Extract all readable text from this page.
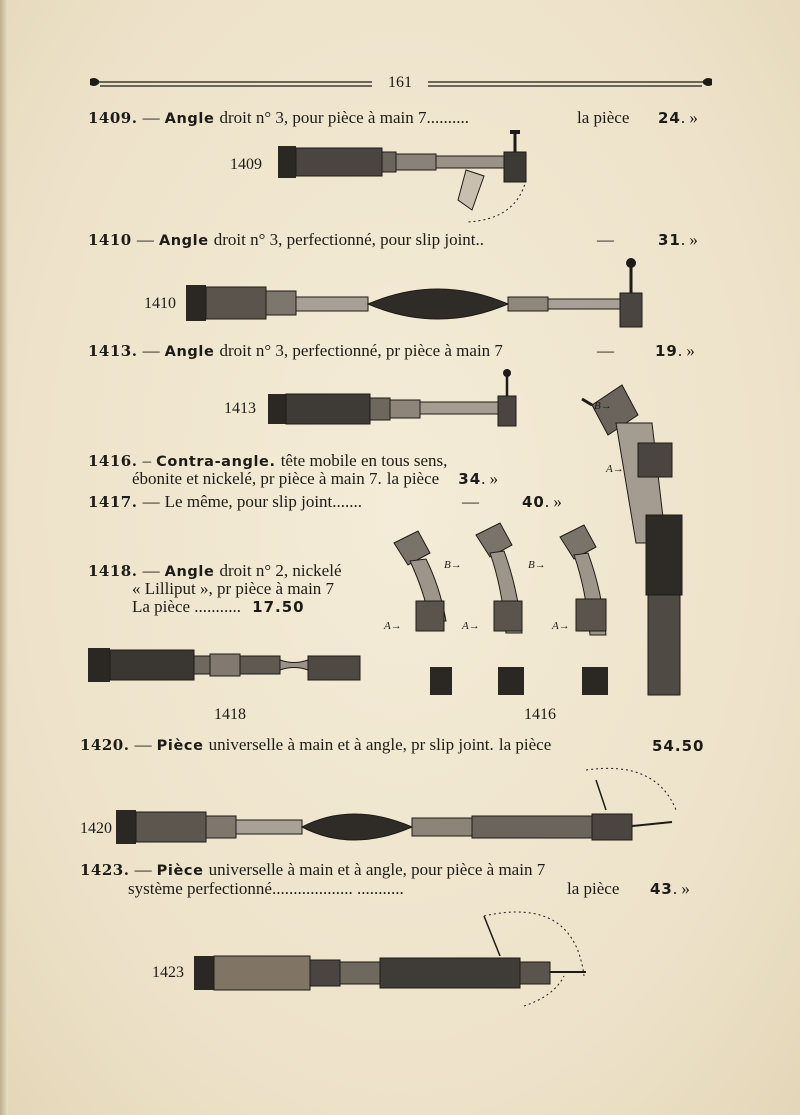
161
1409. — Angle droit n° 3, pour pièce à main 7..........	la pièce 24. »
1409
1410 — Angle droit n° 3, perfectionné, pour slip joint..	—	31. »
1410
1413. — Angle droit n° 3, perfectionné, pr pièce à main 7	—	19. »
1413
1416. – Contra-angle. tête mobile en tous sens,
ébonite et nickelé, pr pièce à main 7. la pièce 34. »
1417. — Le même, pour slip joint.......	—	40. »
1418. — Angle droit n° 2, nickelé
« Lilliput », pr pièce à main 7
La pièce ........... 17.50
1418
B→
A→
B→	B→
A→	A→	A→
1416
1420. — Pièce universelle à main et à angle, pr slip joint. la pièce	54.50
1420
1423. — Pièce universelle à main et à angle, pour pièce à main 7
système perfectionné................... ...........	la pièce 43. »
1423
